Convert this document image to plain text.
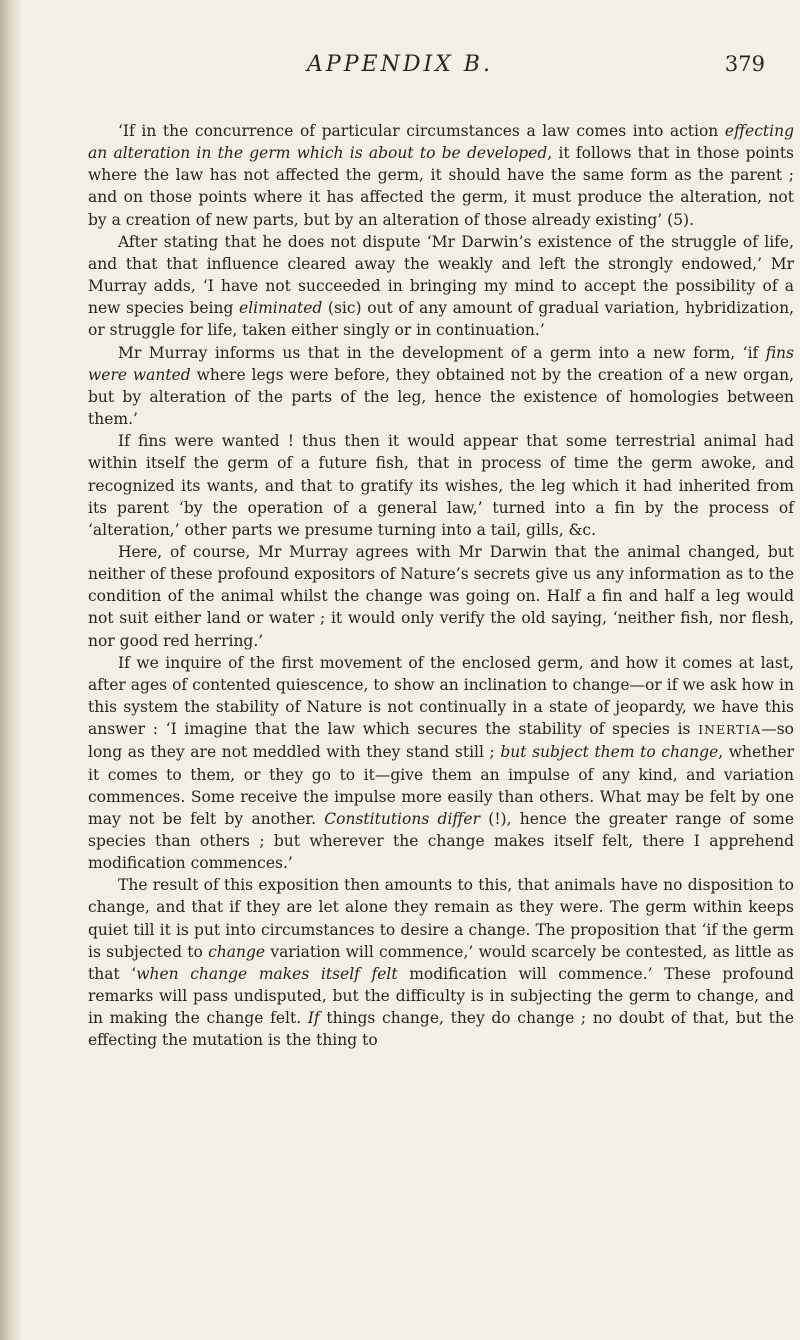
APPENDIX B.	379

‘If in the concurrence of particular circumstances a law comes into action effecting an alteration in the germ which is about to be developed, it follows that in those points where the law has not affected the germ, it should have the same form as the parent ; and on those points where it has affected the germ, it must produce the alteration, not by a creation of new parts, but by an alteration of those already existing’ (5).

After stating that he does not dispute ‘Mr Darwin’s existence of the struggle of life, and that that influence cleared away the weakly and left the strongly endowed,’ Mr Murray adds, ‘I have not succeeded in bringing my mind to accept the possibility of a new species being eliminated (sic) out of any amount of gradual variation, hybridization, or struggle for life, taken either singly or in continuation.’

Mr Murray informs us that in the development of a germ into a new form, ‘if fins were wanted where legs were before, they obtained not by the creation of a new organ, but by alteration of the parts of the leg, hence the existence of homologies between them.’

If fins were wanted ! thus then it would appear that some terrestrial animal had within itself the germ of a future fish, that in process of time the germ awoke, and recognized its wants, and that to gratify its wishes, the leg which it had inherited from its parent ‘by the operation of a general law,’ turned into a fin by the process of ‘alteration,’ other parts we presume turning into a tail, gills, &c.

Here, of course, Mr Murray agrees with Mr Darwin that the animal changed, but neither of these profound expositors of Nature’s secrets give us any information as to the condition of the animal whilst the change was going on. Half a fin and half a leg would not suit either land or water ; it would only verify the old saying, ‘neither fish, nor flesh, nor good red herring.’

If we inquire of the first movement of the enclosed germ, and how it comes at last, after ages of contented quiescence, to show an inclination to change—or if we ask how in this system the stability of Nature is not continually in a state of jeopardy, we have this answer : ‘I imagine that the law which secures the stability of species is INERTIA—so long as they are not meddled with they stand still ; but subject them to change, whether it comes to them, or they go to it—give them an impulse of any kind, and variation commences. Some receive the impulse more easily than others. What may be felt by one may not be felt by another. Constitutions differ (!), hence the greater range of some species than others ; but wherever the change makes itself felt, there I apprehend modification commences.’

The result of this exposition then amounts to this, that animals have no disposition to change, and that if they are let alone they remain as they were. The germ within keeps quiet till it is put into circumstances to desire a change. The proposition that ‘if the germ is subjected to change variation will commence,’ would scarcely be contested, as little as that ‘when change makes itself felt modification will commence.’ These profound remarks will pass undisputed, but the difficulty is in subjecting the germ to change, and in making the change felt. If things change, they do change ; no doubt of that, but the effecting the mutation is the thing to
